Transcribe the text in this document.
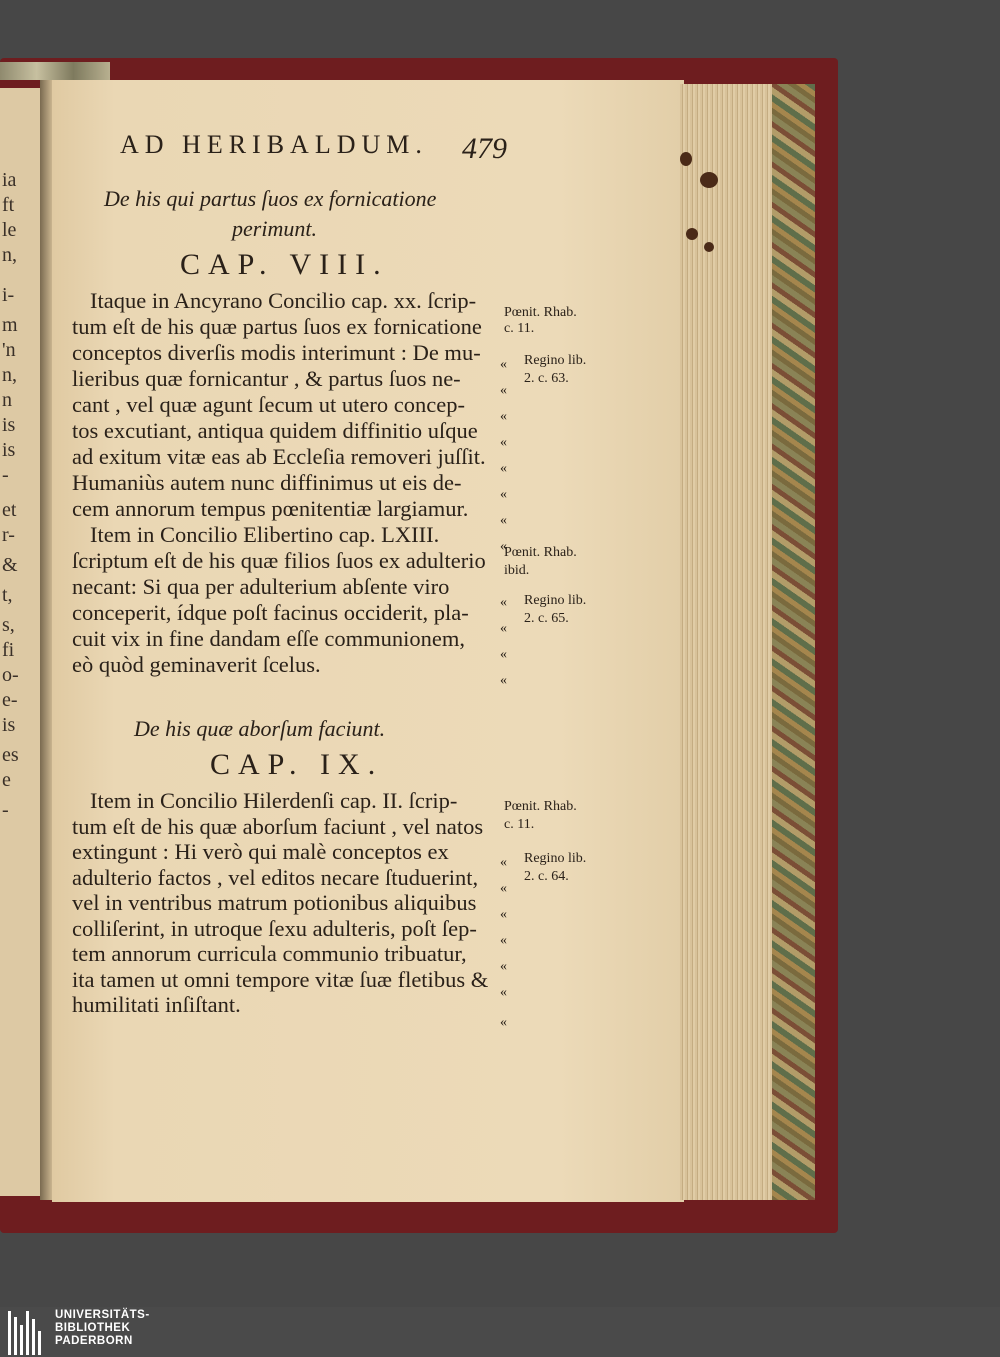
ia
ft
le
n,
i-
m
'n
n,
n
is
is
-
et
r-
&
t,
s,
fi
o-
e-
is
es
e
-
AD HERIBALDUM. 479
De his qui partus ſuos ex fornicatione
perimunt.
CAP. VIII.
Itaque in Ancyrano Concilio cap. xx. ſcrip-
tum eſt de his quæ partus ſuos ex fornicatione
conceptos diverſis modis interimunt : De mu-
lieribus quæ fornicantur , & partus ſuos ne-
cant , vel quæ agunt ſecum ut utero concep-
tos excutiant, antiqua quidem diffinitio uſque
ad exitum vitæ eas ab Eccleſia removeri juſſit.
Humaniùs autem nunc diffinimus ut eis de-
cem annorum tempus pœnitentiæ largiamur.
Item in Concilio Elibertino cap. LXIII.
ſcriptum eſt de his quæ filios ſuos ex adulterio
necant: Si qua per adulterium abſente viro
conceperit, ídque poſt facinus occiderit, pla-
cuit vix in fine dandam eſſe communionem,
eò quòd geminaverit ſcelus.
De his quæ aborſum faciunt.
CAP. IX.
Item in Concilio Hilerdenſi cap. II. ſcrip-
tum eſt de his quæ aborſum faciunt , vel natos
extingunt : Hi verò qui malè conceptos ex
adulterio factos , vel editos necare ſtuduerint,
vel in ventribus matrum potionibus aliquibus
colliſerint, in utroque ſexu adulteris, poſt ſep-
tem annorum curricula communio tribuatur,
ita tamen ut omni tempore vitæ ſuæ fletibus &
humilitati inſiſtant.
Pœnit. Rhab.
c. 11.
Regino lib.
2. c. 63.
Pœnit. Rhab.
ibid.
Regino lib.
2. c. 65.
Pœnit. Rhab.
c. 11.
Regino lib.
2. c. 64.
«
«
«
«
«
«
«
«
«
«
«
«
«
«
«
«
«
«
«
UNIVERSITÄTS-
BIBLIOTHEK
PADERBORN
